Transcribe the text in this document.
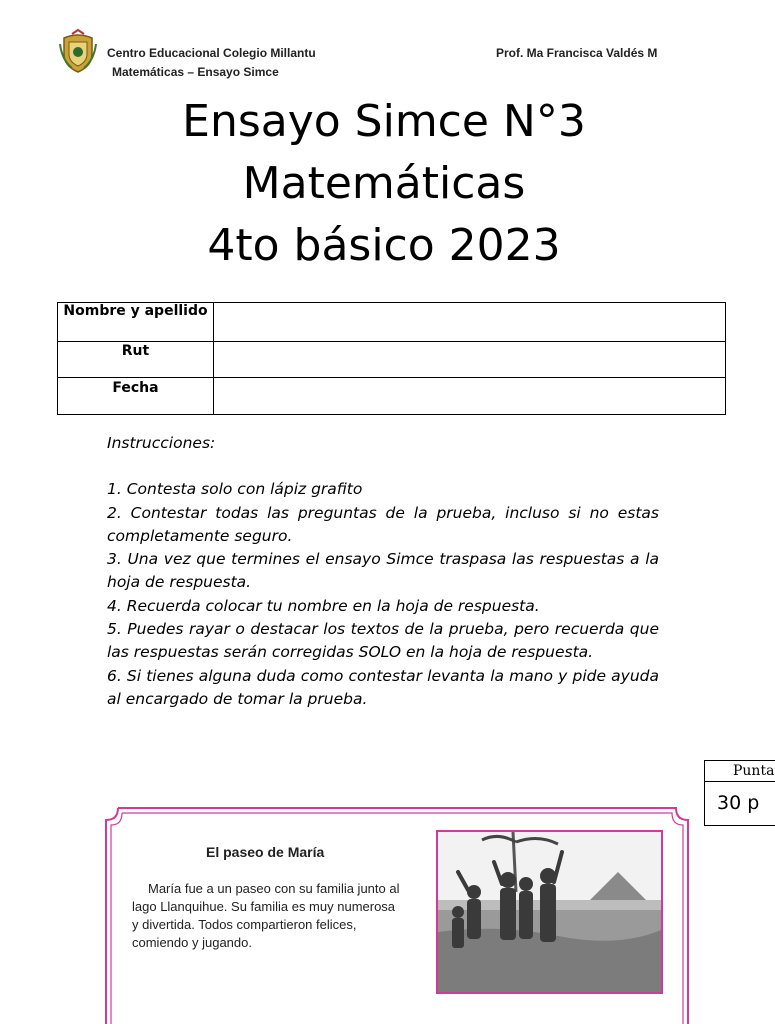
Centro Educacional Colegio Millantu
Matemáticas – Ensayo Simce
Prof. Ma Francisca Valdés M
Ensayo Simce N°3
Matemáticas
4to básico 2023
Nombre y apellido	
Rut	
Fecha	

Instrucciones:

1. Contesta solo con lápiz grafito

2. Contestar todas las preguntas de la prueba, incluso si no estas completamente seguro.

3. Una vez que termines el ensayo Simce traspasa las respuestas a la hoja de respuesta.

4. Recuerda colocar tu nombre en la hoja de respuesta.

5. Puedes rayar o destacar los textos de la prueba, pero recuerda que las respuestas serán corregidas SOLO en la hoja de respuesta.

6. Si tienes alguna duda como contestar levanta la mano y pide ayuda al encargado de tomar la prueba.

Punta
30 p
El paseo de María
María fue a un paseo con su familia junto al lago Llanquihue. Su familia es muy numerosa y divertida. Todos compartieron felices, comiendo y jugando.
